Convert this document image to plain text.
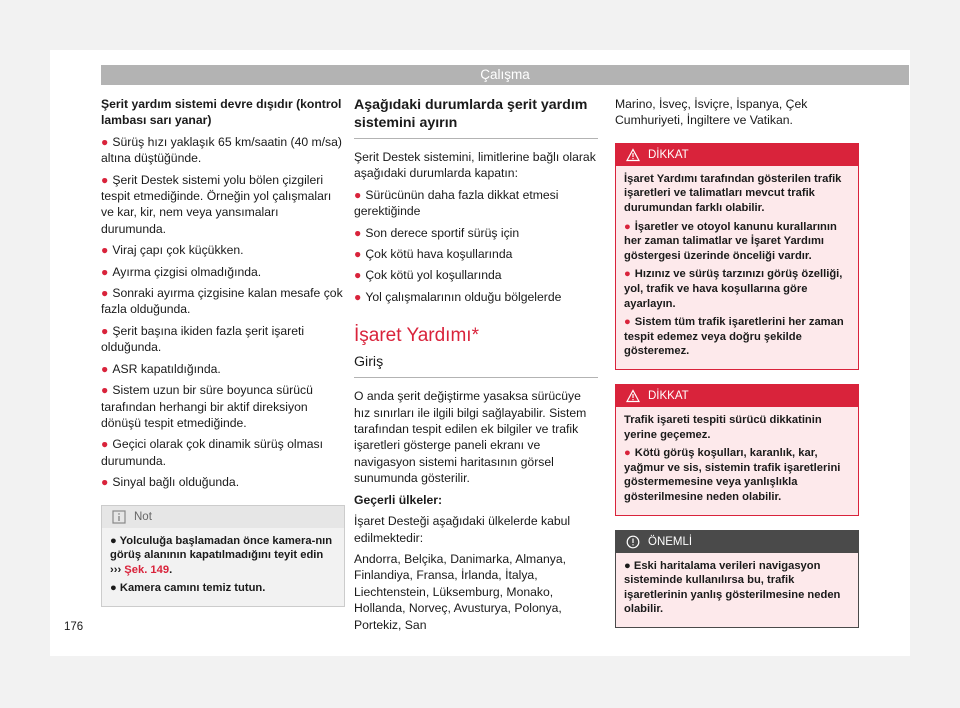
Çalışma

Şerit yardım sistemi devre dışıdır (kontrol lambası sarı yanar)

● Sürüş hızı yaklaşık 65 km/saatin (40 m/sa) altına düştüğünde.

● Şerit Destek sistemi yolu bölen çizgileri tespit etmediğinde. Örneğin yol çalışmaları ve kar, kir, nem veya yansımaları durumunda.

● Viraj çapı çok küçükken.

● Ayırma çizgisi olmadığında.

● Sonraki ayırma çizgisine kalan mesafe çok fazla olduğunda.

● Şerit başına ikiden fazla şerit işareti olduğunda.

● ASR kapatıldığında.

● Sistem uzun bir süre boyunca sürücü tarafından herhangi bir aktif direksiyon dönüşü tespit etmediğinde.

● Geçici olarak çok dinamik sürüş olması durumunda.

● Sinyal bağlı olduğunda.

Not

● Yolculuğa başlamadan önce kamera-nın görüş alanının kapatılmadığını teyit edin ››› Şek. 149.

● Kamera camını temiz tutun.

Aşağıdaki durumlarda şerit yardım sistemini ayırın

Şerit Destek sistemini, limitlerine bağlı olarak aşağıdaki durumlarda kapatın:

● Sürücünün daha fazla dikkat etmesi gerektiğinde

● Son derece sportif sürüş için

● Çok kötü hava koşullarında

● Çok kötü yol koşullarında

● Yol çalışmalarının olduğu bölgelerde

İşaret Yardımı*
Giriş

O anda şerit değiştirme yasaksa sürücüye hız sınırları ile ilgili bilgi sağlayabilir. Sistem tarafından tespit edilen ek bilgiler ve trafik işaretleri gösterge paneli ekranı ve navigasyon sistemi haritasının görsel sunumunda gösterilir.

Geçerli ülkeler:

İşaret Desteği aşağıdaki ülkelerde kabul edilmektedir:

Andorra, Belçika, Danimarka, Almanya, Finlandiya, Fransa, İrlanda, İtalya, Liechtenstein, Lüksemburg, Monako, Hollanda, Norveç, Avusturya, Polonya, Portekiz, San

Marino, İsveç, İsviçre, İspanya, Çek Cumhuriyeti, İngiltere ve Vatikan.

DİKKAT

İşaret Yardımı tarafından gösterilen trafik işaretleri ve talimatları mevcut trafik durumundan farklı olabilir.

● İşaretler ve otoyol kanunu kurallarının her zaman talimatlar ve İşaret Yardımı göstergesi üzerinde önceliği vardır.

● Hızınız ve sürüş tarzınızı görüş özelliği, yol, trafik ve hava koşullarına göre ayarlayın.

● Sistem tüm trafik işaretlerini her zaman tespit edemez veya doğru şekilde gösteremez.

DİKKAT

Trafik işareti tespiti sürücü dikkatinin yerine geçemez.

● Kötü görüş koşulları, karanlık, kar, yağmur ve sis, sistemin trafik işaretlerini göstermemesine veya yanlışlıkla gösterilmesine neden olabilir.

ÖNEMLİ

● Eski haritalama verileri navigasyon sisteminde kullanılırsa bu, trafik işaretlerinin yanlış gösterilmesine neden olabilir.

176
